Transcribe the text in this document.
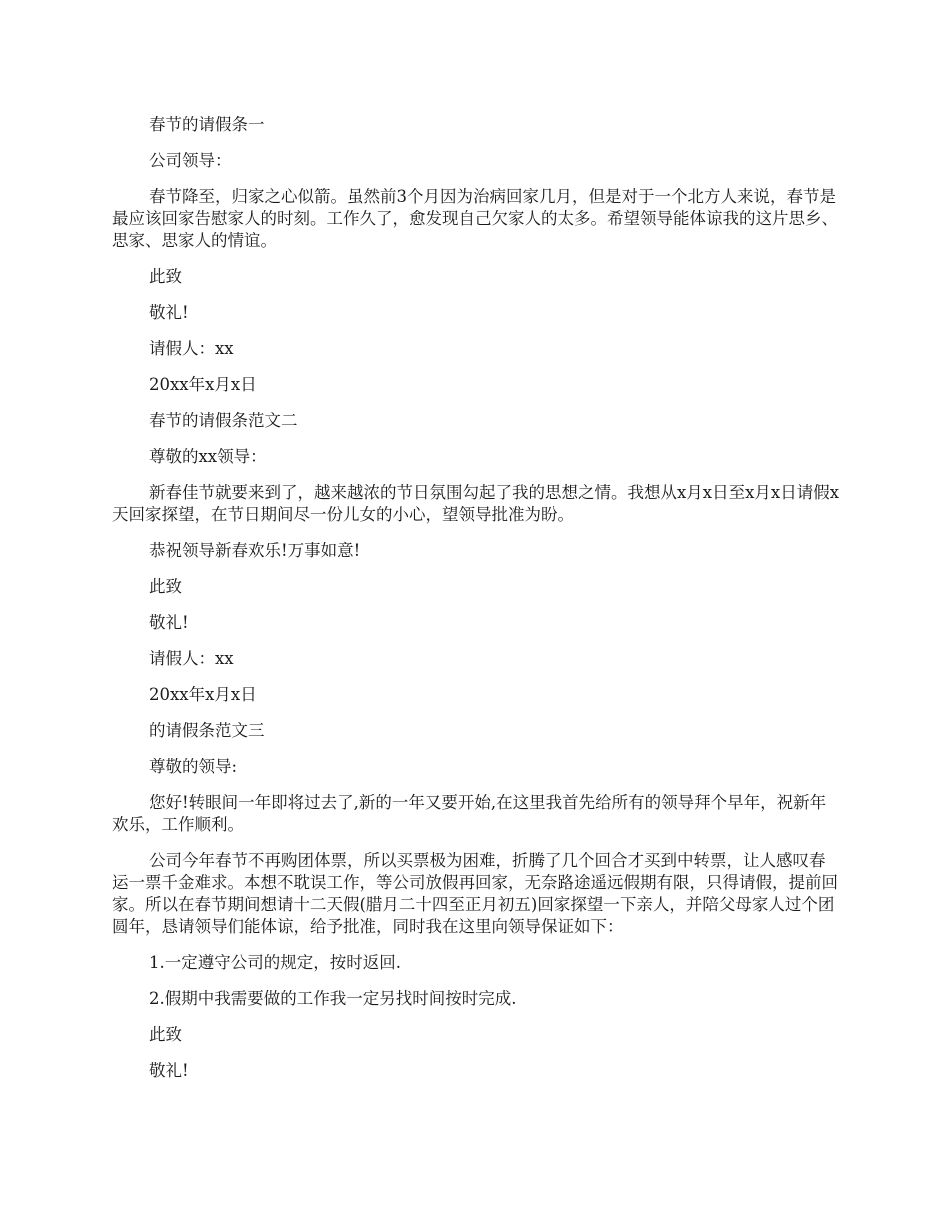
春节的请假条一

公司领导：

春节降至，归家之心似箭。虽然前3个月因为治病回家几月，但是对于一个北方人来说，春节是最应该回家告慰家人的时刻。工作久了，愈发现自己欠家人的太多。希望领导能体谅我的这片思乡、思家、思家人的情谊。

此致

敬礼!

请假人：xx

20xx年x月x日

春节的请假条范文二

尊敬的xx领导：

新春佳节就要来到了，越来越浓的节日氛围勾起了我的思想之情。我想从x月x日至x月x日请假x天回家探望，在节日期间尽一份儿女的小心，望领导批准为盼。

恭祝领导新春欢乐!万事如意!

此致

敬礼!

请假人：xx

20xx年x月x日

的请假条范文三

尊敬的领导:

您好!转眼间一年即将过去了,新的一年又要开始,在这里我首先给所有的领导拜个早年，祝新年欢乐，工作顺利。

公司今年春节不再购团体票，所以买票极为困难，折腾了几个回合才买到中转票，让人感叹春运一票千金难求。本想不耽误工作，等公司放假再回家，无奈路途遥远假期有限，只得请假，提前回家。所以在春节期间想请十二天假(腊月二十四至正月初五)回家探望一下亲人，并陪父母家人过个团圆年，恳请领导们能体谅，给予批准，同时我在这里向领导保证如下：

1.一定遵守公司的规定，按时返回.

2.假期中我需要做的工作我一定另找时间按时完成.

此致

敬礼!
